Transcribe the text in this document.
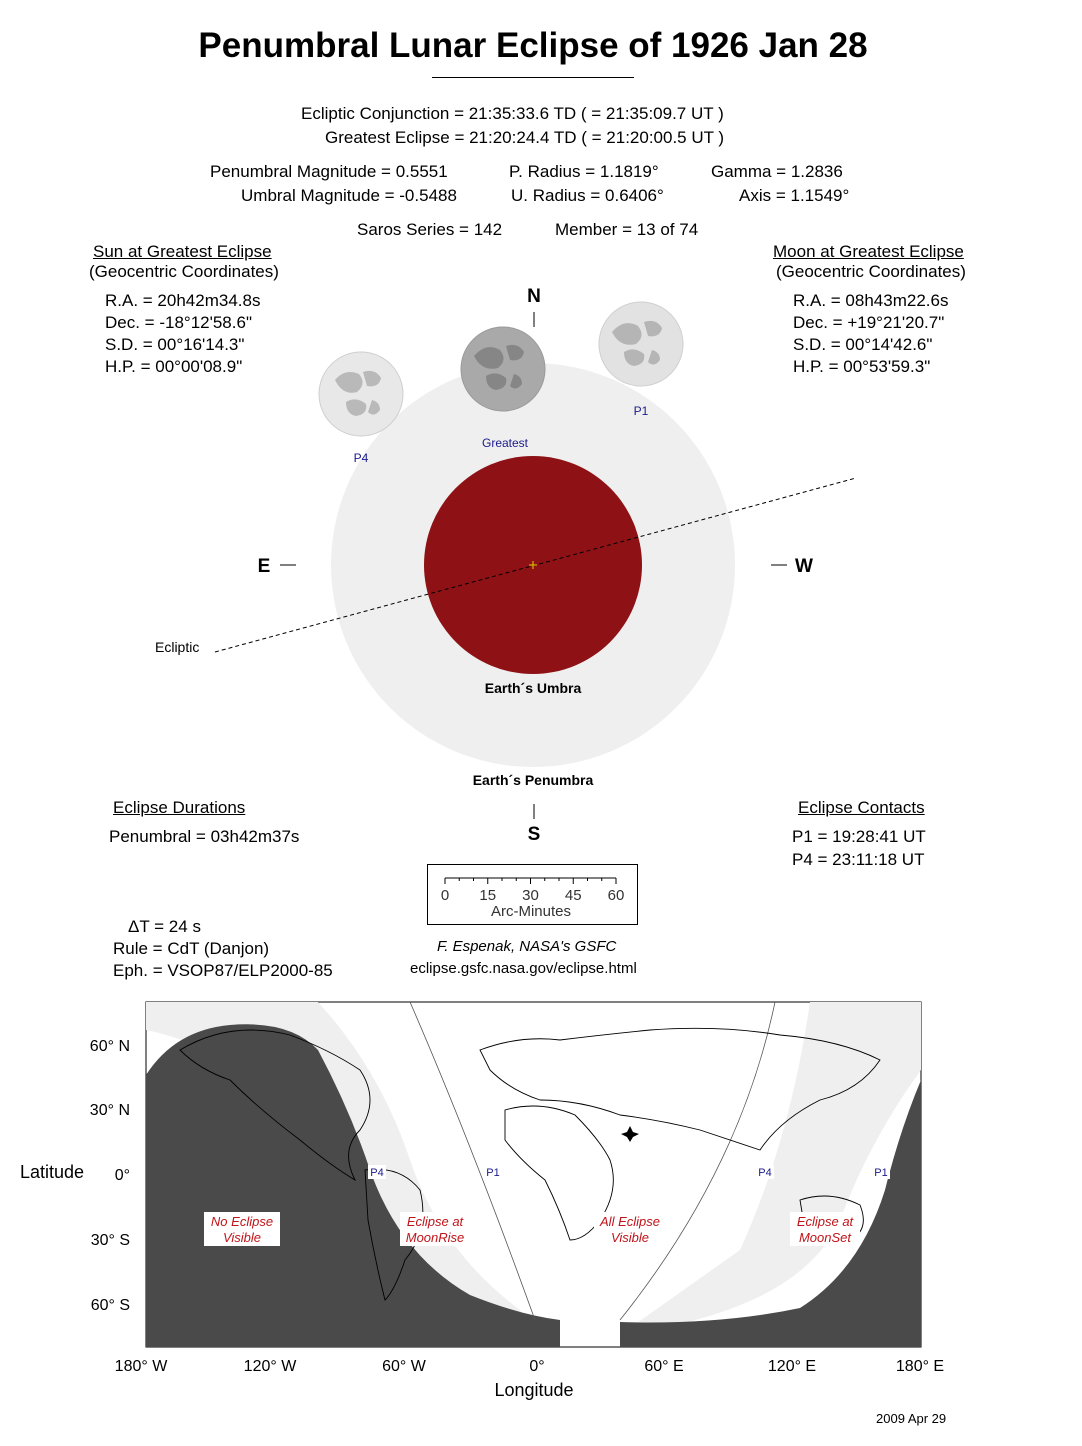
Penumbral Lunar Eclipse of 1926 Jan 28
Ecliptic Conjunction = 21:35:33.6 TD ( = 21:35:09.7 UT )
Greatest Eclipse = 21:20:24.4 TD ( = 21:20:00.5 UT )
Penumbral Magnitude = 0.5551
Umbral Magnitude = -0.5488
P. Radius = 1.1819°
U. Radius = 0.6406°
Gamma = 1.2836
Axis = 1.1549°
Saros Series = 142	Member = 13 of 74
Sun at Greatest Eclipse
(Geocentric Coordinates)
R.A. = 20h42m34.8s
Dec. = -18°12'58.6"
S.D. = 00°16'14.3"
H.P. = 00°00'08.9"
Moon at Greatest Eclipse
(Geocentric Coordinates)
R.A. = 08h43m22.6s
Dec. = +19°21'20.7"
S.D. = 00°14'42.6"
H.P. = 00°53'59.3"
P1
P4
Greatest
N
S
E	W
Ecliptic
Earth´s Umbra
Earth´s Penumbra
Eclipse Durations
Penumbral = 03h42m37s
Eclipse Contacts
P1 = 19:28:41 UT
P4 = 23:11:18 UT
0 15 30 45 60
Arc-Minutes
ΔT = 24 s
Rule = CdT (Danjon)
Eph. = VSOP87/ELP2000-85
F. Espenak, NASA's GSFC
eclipse.gsfc.nasa.gov/eclipse.html
No Eclipse
Visible
Eclipse at
MoonRise
All Eclipse
Visible
Eclipse at
MoonSet
P4	P1	P4	P1
60° N
30° N
0°
30° S
60° S
Latitude
180° W	120° W	60° W	0°	60° E	120° E	180° E
Longitude
2009 Apr 29
